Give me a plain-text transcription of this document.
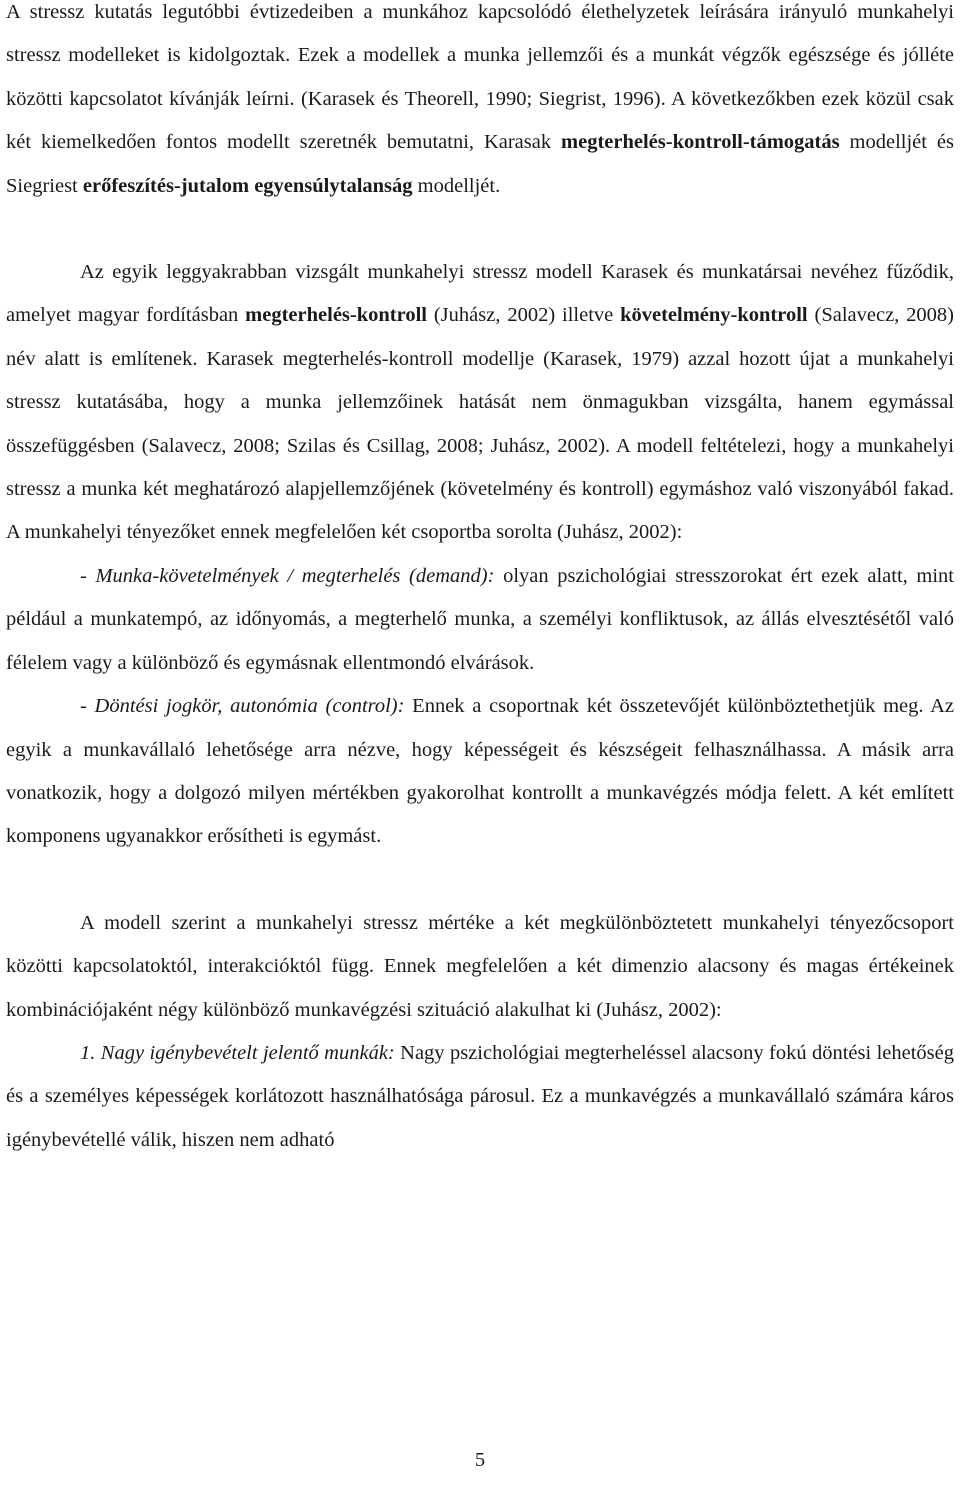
A stressz kutatás legutóbbi évtizedeiben a munkához kapcsolódó élethelyzetek leírására irányuló munkahelyi stressz modelleket is kidolgoztak. Ezek a modellek a munka jellemzői és a munkát végzők egészsége és jólléte közötti kapcsolatot kívánják leírni. (Karasek és Theorell, 1990; Siegrist, 1996). A következőkben ezek közül csak két kiemelkedően fontos modellt szeretnék bemutatni, Karasak megterhelés-kontroll-támogatás modelljét és Siegriest erőfeszítés-jutalom egyensúlytalanság modelljét.

Az egyik leggyakrabban vizsgált munkahelyi stressz modell Karasek és munkatársai nevéhez fűződik, amelyet magyar fordításban megterhelés-kontroll (Juhász, 2002) illetve követelmény-kontroll (Salavecz, 2008) név alatt is említenek. Karasek megterhelés-kontroll modellje (Karasek, 1979) azzal hozott újat a munkahelyi stressz kutatásába, hogy a munka jellemzőinek hatását nem önmagukban vizsgálta, hanem egymással összefüggésben (Salavecz, 2008; Szilas és Csillag, 2008; Juhász, 2002). A modell feltételezi, hogy a munkahelyi stressz a munka két meghatározó alapjellemzőjének (követelmény és kontroll) egymáshoz való viszonyából fakad. A munkahelyi tényezőket ennek megfelelően két csoportba sorolta (Juhász, 2002):

- Munka-követelmények / megterhelés (demand): olyan pszichológiai stresszorokat ért ezek alatt, mint például a munkatempó, az időnyomás, a megterhelő munka, a személyi konfliktusok, az állás elvesztésétől való félelem vagy a különböző és egymásnak ellentmondó elvárások.

- Döntési jogkör, autonómia (control): Ennek a csoportnak két összetevőjét különböztethetjük meg. Az egyik a munkavállaló lehetősége arra nézve, hogy képességeit és készségeit felhasználhassa. A másik arra vonatkozik, hogy a dolgozó milyen mértékben gyakorolhat kontrollt a munkavégzés módja felett. A két említett komponens ugyanakkor erősítheti is egymást.

A modell szerint a munkahelyi stressz mértéke a két megkülönböztetett munkahelyi tényezőcsoport közötti kapcsolatoktól, interakcióktól függ. Ennek megfelelően a két dimenzio alacsony és magas értékeinek kombinációjaként négy különböző munkavégzési szituáció alakulhat ki (Juhász, 2002):

1. Nagy igénybevételt jelentő munkák: Nagy pszichológiai megterheléssel alacsony fokú döntési lehetőség és a személyes képességek korlátozott használhatósága párosul. Ez a munkavégzés a munkavállaló számára káros igénybevétellé válik, hiszen nem adható

5
